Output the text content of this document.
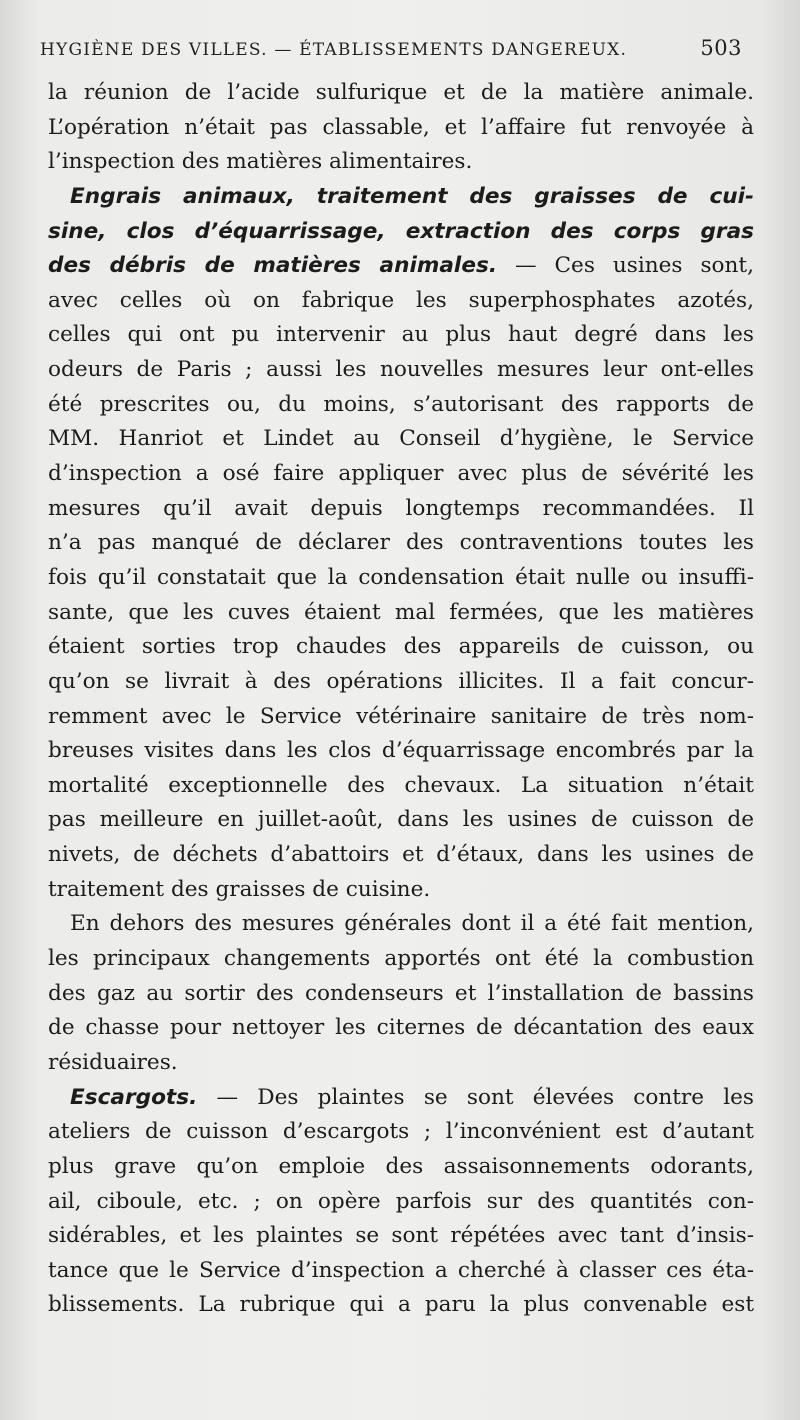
HYGIÈNE DES VILLES. — ÉTABLISSEMENTS DANGEREUX.	503
la réunion de l’acide sulfurique et de la matière animale.
L’opération n’était pas classable, et l’affaire fut renvoyée à
l’inspection des matières alimentaires.
Engrais animaux, traitement des graisses de cui-
sine, clos d’équarrissage, extraction des corps gras
des débris de matières animales. — Ces usines sont,
avec celles où on fabrique les superphosphates azotés,
celles qui ont pu intervenir au plus haut degré dans les
odeurs de Paris ; aussi les nouvelles mesures leur ont-elles
été prescrites ou, du moins, s’autorisant des rapports de
MM. Hanriot et Lindet au Conseil d’hygiène, le Service
d’inspection a osé faire appliquer avec plus de sévérité les
mesures qu’il avait depuis longtemps recommandées. Il
n’a pas manqué de déclarer des contraventions toutes les
fois qu’il constatait que la condensation était nulle ou insuffi-
sante, que les cuves étaient mal fermées, que les matières
étaient sorties trop chaudes des appareils de cuisson, ou
qu’on se livrait à des opérations illicites. Il a fait concur-
remment avec le Service vétérinaire sanitaire de très nom-
breuses visites dans les clos d’équarrissage encombrés par la
mortalité exceptionnelle des chevaux. La situation n’était
pas meilleure en juillet-août, dans les usines de cuisson de
nivets, de déchets d’abattoirs et d’étaux, dans les usines de
traitement des graisses de cuisine.
En dehors des mesures générales dont il a été fait mention,
les principaux changements apportés ont été la combustion
des gaz au sortir des condenseurs et l’installation de bassins
de chasse pour nettoyer les citernes de décantation des eaux
résiduaires.
Escargots. — Des plaintes se sont élevées contre les
ateliers de cuisson d’escargots ; l’inconvénient est d’autant
plus grave qu’on emploie des assaisonnements odorants,
ail, ciboule, etc. ; on opère parfois sur des quantités con-
sidérables, et les plaintes se sont répétées avec tant d’insis-
tance que le Service d’inspection a cherché à classer ces éta-
blissements. La rubrique qui a paru la plus convenable est
